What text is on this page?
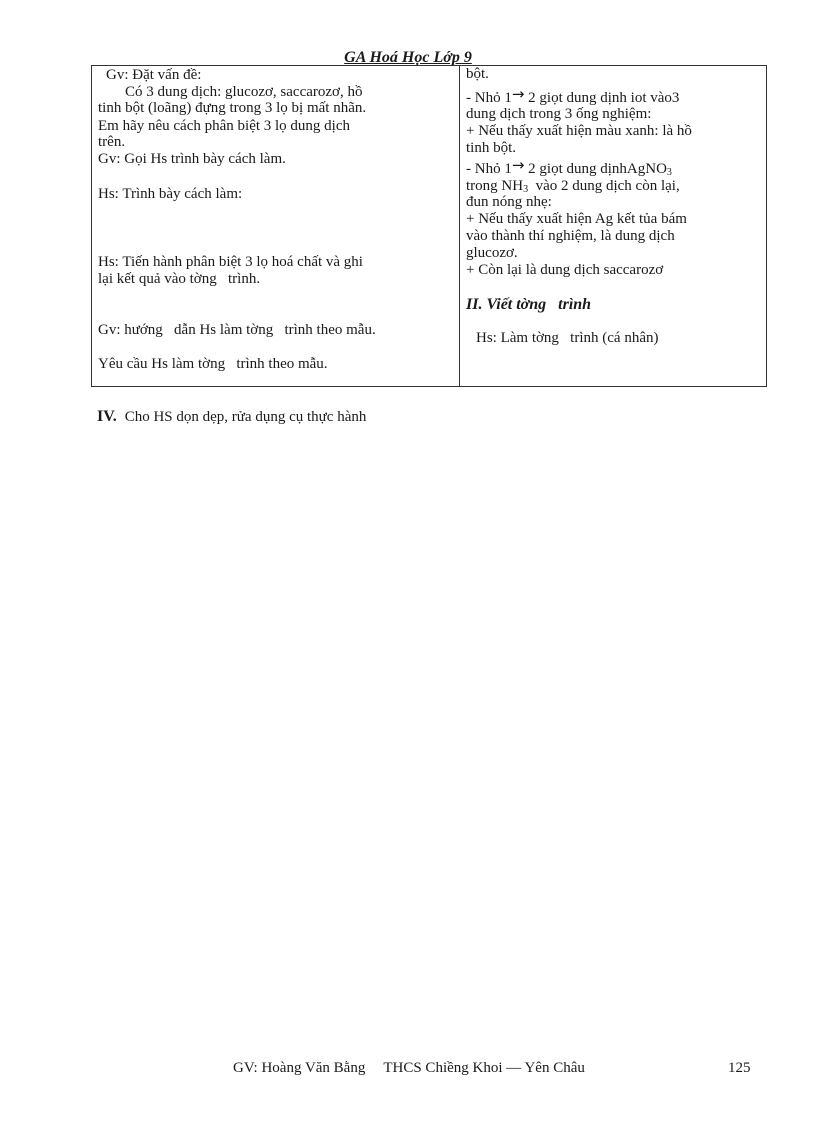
GA Hoá Học Lớp 9

Gv: Đặt vấn đề:

Có 3 dung dịch: glucozơ, saccarozơ, hồ

tinh bột (loãng) đựng trong 3 lọ bị mất nhãn.

Em hãy nêu cách phân biệt 3 lọ dung dịch

trên.

Gv: Gọi Hs trình bày cách làm.

Hs: Trình bày cách làm:

Hs: Tiến hành phân biệt 3 lọ hoá chất và ghi

lại kết quả vào tờng   trình.

Gv: hướng   dẫn Hs làm tờng   trình theo mẫu.

Yêu cầu Hs làm tờng   trình theo mẫu.

bột.

- Nhỏ 1→ 2 giọt dung dịnh iot vào3

dung dịch trong 3 ống nghiệm:

+ Nếu thấy xuất hiện màu xanh: là hồ

tinh bột.

- Nhỏ 1→ 2 giọt dung dịnhAgNO$_3$

trong $NH_3$  vào 2 dung dịch còn lại,

đun nóng nhẹ:

+ Nếu thấy xuất hiện Ag kết tủa bám

vào thành thí nghiệm, là dung dịch

glucozơ.

+ Còn lại là dung dịch saccarozơ

II. Viết tờng   trình

Hs: Làm tờng   trình (cá nhân)

IV. Cho HS dọn dẹp, rửa dụng cụ thực hành
GV: Hoàng Văn Bằng THCS Chiềng Khoi — Yên Châu	125
